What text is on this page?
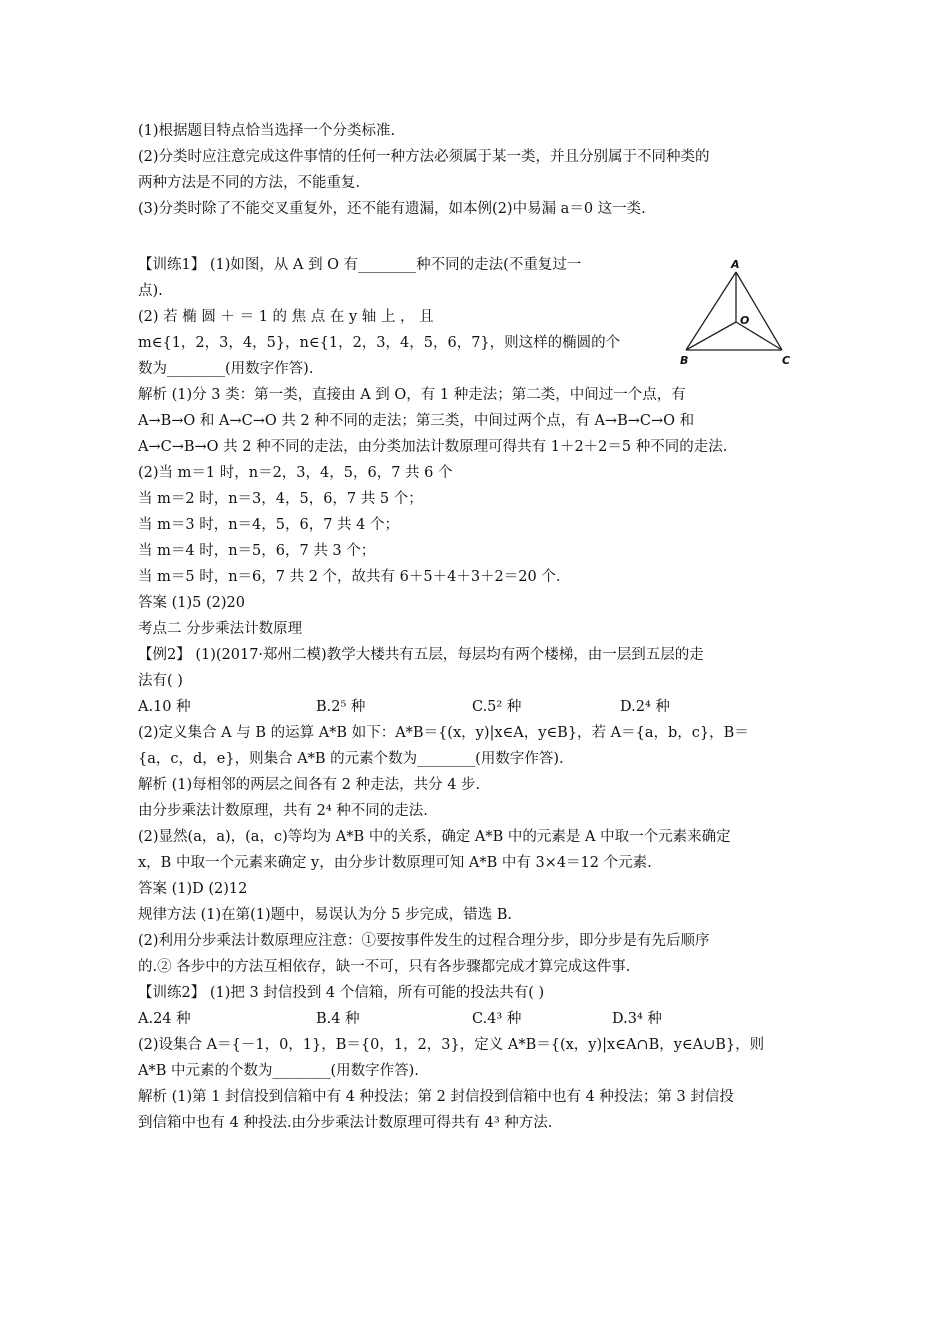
(1)根据题目特点恰当选择一个分类标准.
(2)分类时应注意完成这件事情的任何一种方法必须属于某一类，并且分别属于不同种类的
两种方法是不同的方法，不能重复.
(3)分类时除了不能交叉重复外，还不能有遗漏，如本例(2)中易漏 a＝0 这一类.
【训练1】 (1)如图，从 A 到 O 有________种不同的走法(不重复过一
点).
(2) 若 椭 圆 ＋ ＝ 1 的 焦 点 在 y 轴 上 ， 且
m∈{1，2，3，4，5}，n∈{1，2，3，4，5，6，7}，则这样的椭圆的个
数为________(用数字作答).
解析 (1)分 3 类：第一类，直接由 A 到 O，有 1 种走法；第二类，中间过一个点，有
A→B→O 和 A→C→O 共 2 种不同的走法；第三类，中间过两个点，有 A→B→C→O 和
A→C→B→O 共 2 种不同的走法，由分类加法计数原理可得共有 1＋2＋2＝5 种不同的走法.
(2)当 m＝1 时，n＝2，3，4，5，6，7 共 6 个
当 m＝2 时，n＝3，4，5，6，7 共 5 个；
当 m＝3 时，n＝4，5，6，7 共 4 个；
当 m＝4 时，n＝5，6，7 共 3 个；
当 m＝5 时，n＝6，7 共 2 个，故共有 6＋5＋4＋3＋2＝20 个.
答案 (1)5 (2)20
考点二 分步乘法计数原理
【例2】 (1)(2017·郑州二模)教学大楼共有五层，每层均有两个楼梯，由一层到五层的走
法有( )
A.10 种	B.2⁵ 种	C.5² 种	D.2⁴ 种
(2)定义集合 A 与 B 的运算 A*B 如下：A*B＝{(x，y)|x∈A，y∈B}，若 A＝{a，b，c}，B＝
{a，c，d，e}，则集合 A*B 的元素个数为________(用数字作答).
解析 (1)每相邻的两层之间各有 2 种走法，共分 4 步.
由分步乘法计数原理，共有 2⁴ 种不同的走法.
(2)显然(a，a)，(a，c)等均为 A*B 中的关系，确定 A*B 中的元素是 A 中取一个元素来确定
x，B 中取一个元素来确定 y，由分步计数原理可知 A*B 中有 3×4＝12 个元素.
答案 (1)D (2)12
规律方法 (1)在第(1)题中，易误认为分 5 步完成，错选 B.
(2)利用分步乘法计数原理应注意：①要按事件发生的过程合理分步，即分步是有先后顺序
的.② 各步中的方法互相依存，缺一不可，只有各步骤都完成才算完成这件事.
【训练2】 (1)把 3 封信投到 4 个信箱，所有可能的投法共有( )
A.24 种	B.4 种	C.4³ 种	D.3⁴ 种
(2)设集合 A＝{－1，0，1}，B＝{0，1，2，3}，定义 A*B＝{(x，y)|x∈A∩B，y∈A∪B}，则
A*B 中元素的个数为________(用数字作答).
解析 (1)第 1 封信投到信箱中有 4 种投法；第 2 封信投到信箱中也有 4 种投法；第 3 封信投
到信箱中也有 4 种投法.由分步乘法计数原理可得共有 4³ 种方法.
A
O
B	C
